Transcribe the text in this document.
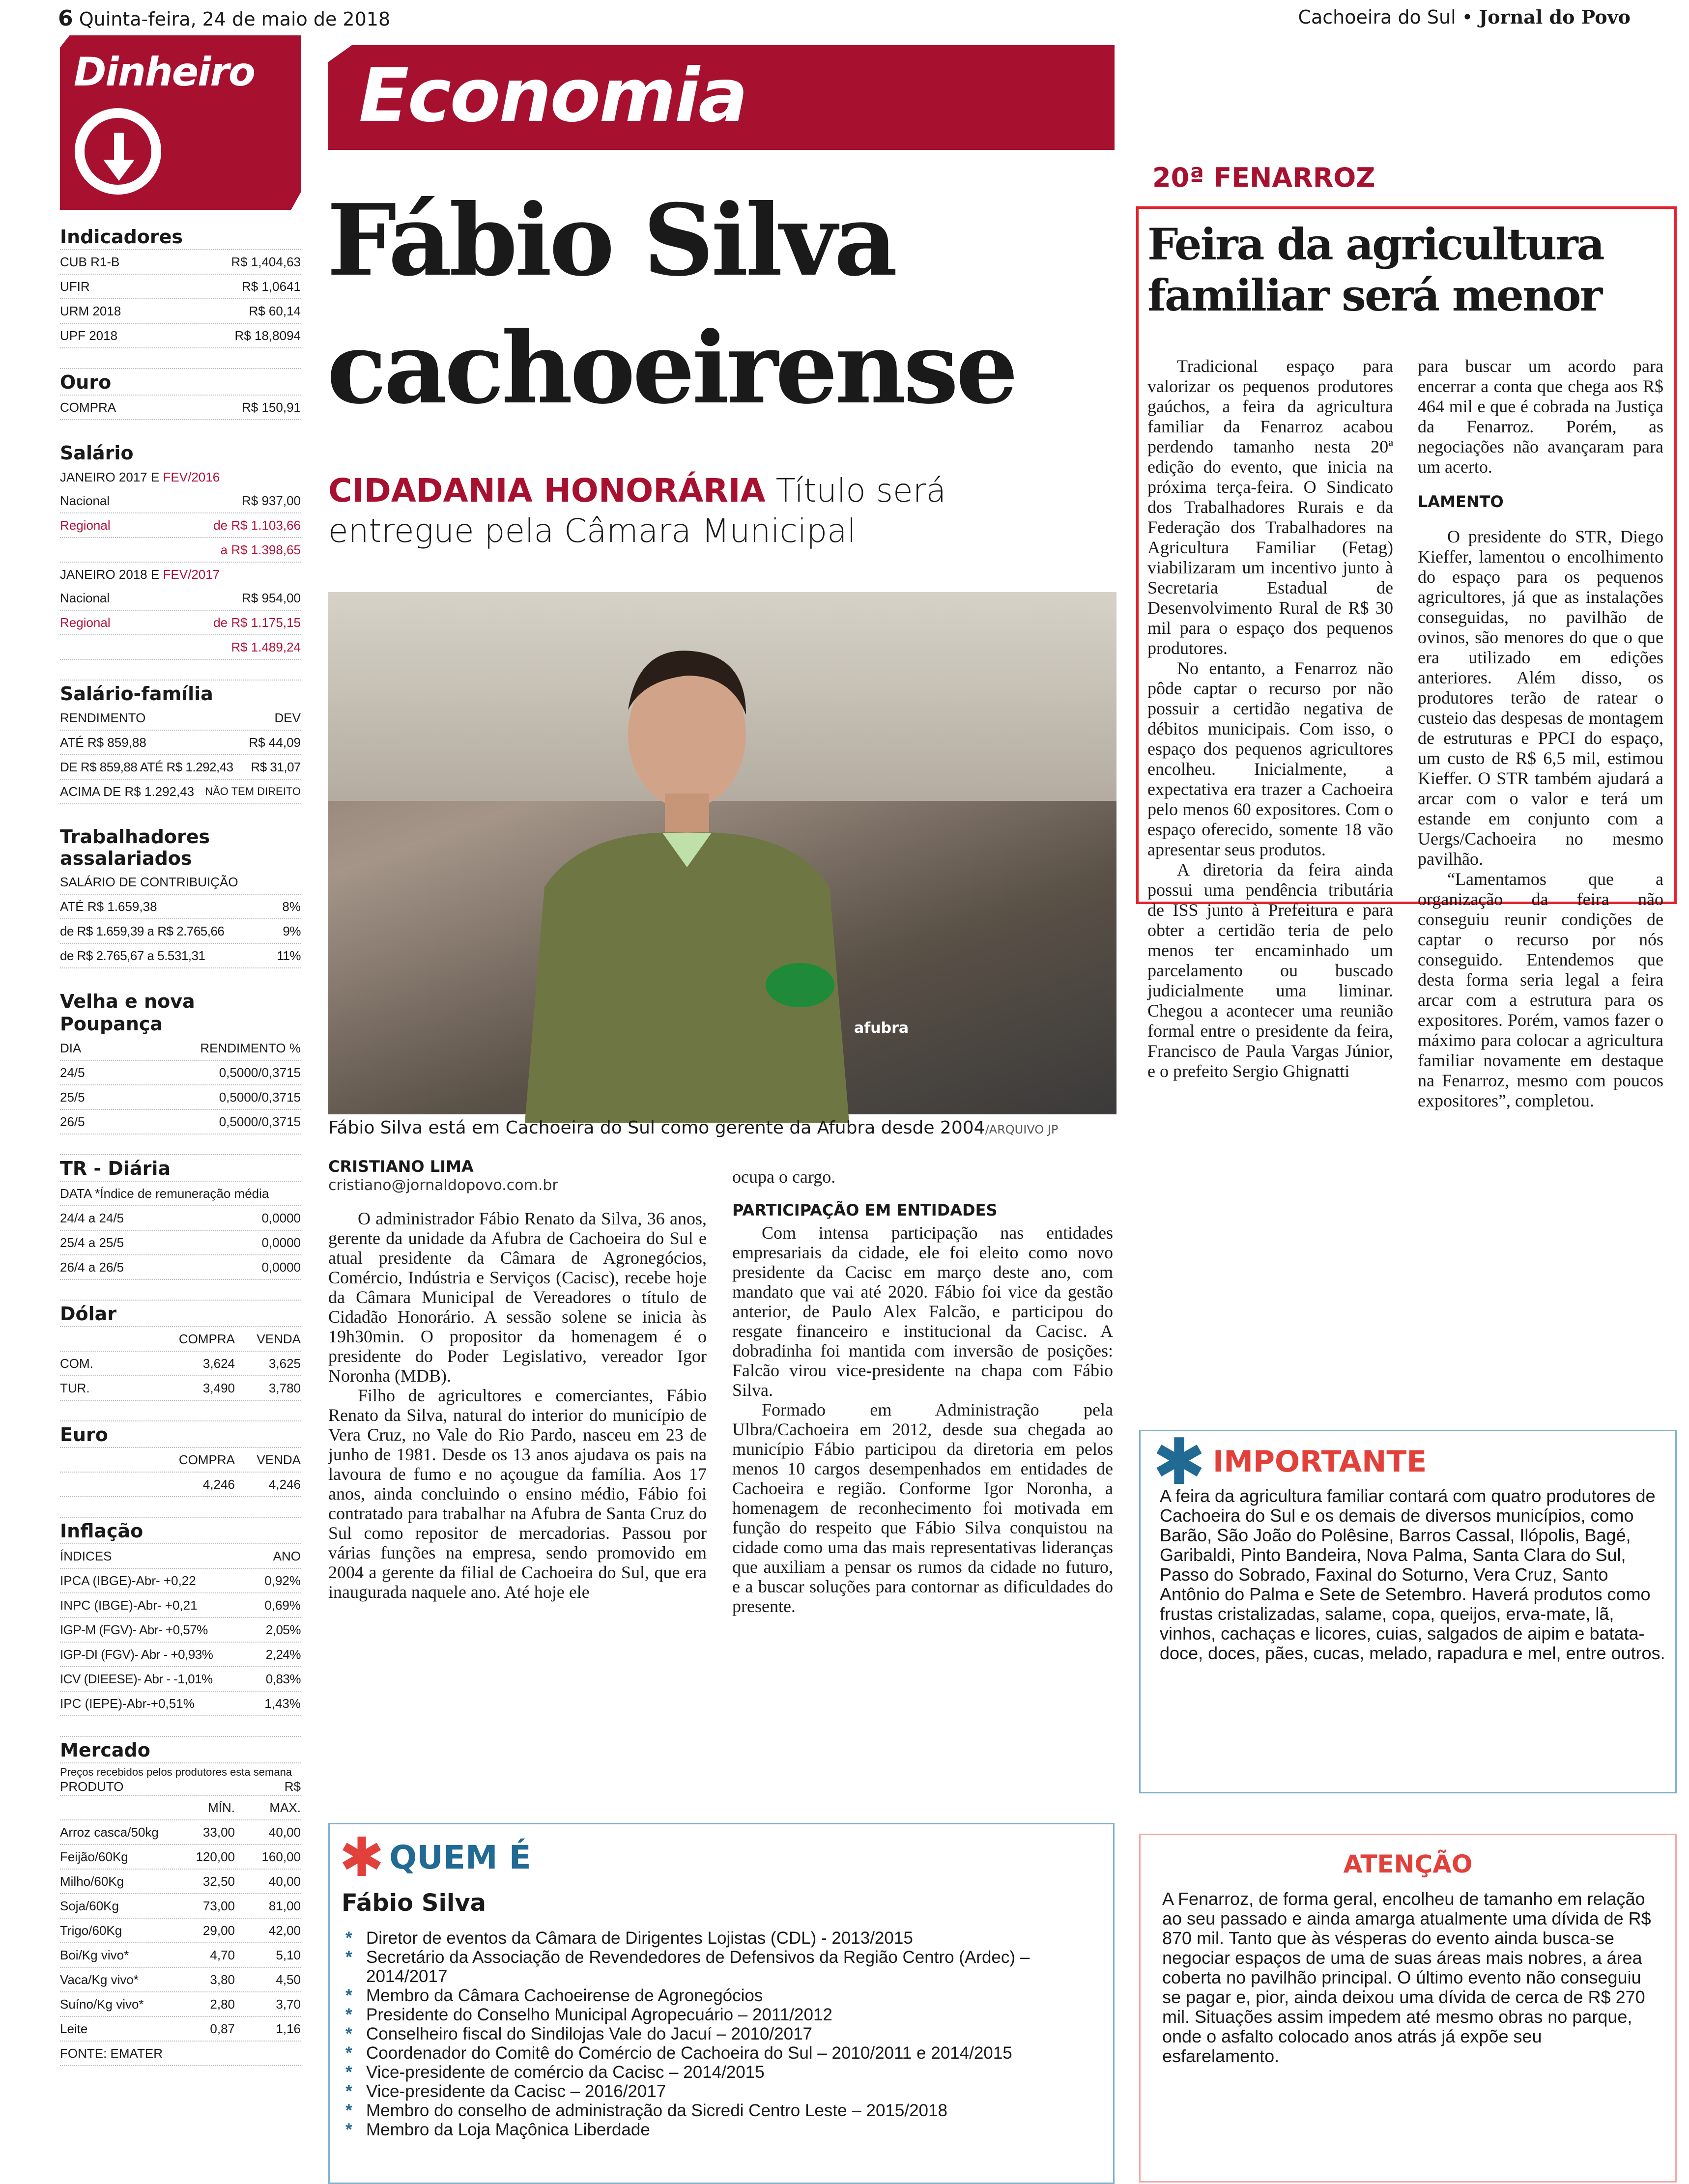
6 Quinta-feira, 24 de maio de 2018	Cachoeira do Sul • Jornal do Povo
Dinheiro
Indicadores
CUB R1-B	R$ 1,404,63
UFIR	R$ 1,0641
URM 2018	R$ 60,14
UPF 2018	R$ 18,8094
Ouro
COMPRA	R$ 150,91
Salário
JANEIRO 2017 E FEV/2016
Nacional	R$ 937,00
Regional	de R$ 1.103,66
a R$ 1.398,65
JANEIRO 2018 E FEV/2017
Nacional	R$ 954,00
Regional	de R$ 1.175,15
R$ 1.489,24
Salário-família
RENDIMENTO	DEV
ATÉ R$ 859,88	R$ 44,09
DE R$ 859,88 ATÉ R$ 1.292,43 R$ 31,07
ACIMA DE R$ 1.292,43 NÃO TEM DIREITO
Trabalhadores assalariados
SALÁRIO DE CONTRIBUIÇÃO
ATÉ R$ 1.659,38	8%
de R$ 1.659,39 a R$ 2.765,66	9%
de R$ 2.765,67 a 5.531,31	11%
Velha e nova Poupança
DIA	RENDIMENTO %
24/5	0,5000/0,3715
25/5	0,5000/0,3715
26/5	0,5000/0,3715
TR - Diária
DATA *Índice de remuneração média
24/4 a 24/5	0,0000
25/4 a 25/5	0,0000
26/4 a 26/5	0,0000
Dólar
COMPRA	VENDA
COM.	3,624	3,625
TUR.	3,490	3,780
Euro
COMPRA	VENDA
4,246	4,246
Inflação
ÍNDICES	ANO
IPCA (IBGE)-Abr- +0,22	0,92%
INPC (IBGE)-Abr- +0,21	0,69%
IGP-M (FGV)- Abr- +0,57%	2,05%
IGP-DI (FGV)- Abr - +0,93%	2,24%
ICV (DIEESE)- Abr - -1,01%	0,83%
IPC (IEPE)-Abr-+0,51%	1,43%
Mercado
Preços recebidos pelos produtores esta semana
PRODUTO	R$
MÍN.	MAX.
Arroz casca/50kg	33,00	40,00
Feijão/60Kg	120,00	160,00
Milho/60Kg	32,50	40,00
Soja/60Kg	73,00	81,00
Trigo/60Kg	29,00	42,00
Boi/Kg vivo*	4,70	5,10
Vaca/Kg vivo*	3,80	4,50
Suíno/Kg vivo*	2,80	3,70
Leite	0,87	1,16
FONTE: EMATER
Economia
Fábio Silva cachoeirense
CIDADANIA HONORÁRIA Título será entregue pela Câmara Municipal
afubra
Fábio Silva está em Cachoeira do Sul como gerente da Afubra desde 2004/ARQUIVO JP
CRISTIANO LIMA
cristiano@jornaldopovo.com.br

O administrador Fábio Renato da Silva, 36 anos, gerente da unidade da Afubra de Cachoeira do Sul e atual presidente da Câmara de Agronegócios, Comércio, Indústria e Serviços (Cacisc), recebe hoje da Câmara Municipal de Vereadores o título de Cidadão Honorário. A sessão solene se inicia às 19h30min. O propositor da homenagem é o presidente do Poder Legislativo, vereador Igor Noronha (MDB).

Filho de agricultores e comerciantes, Fábio Renato da Silva, natural do interior do município de Vera Cruz, no Vale do Rio Pardo, nasceu em 23 de junho de 1981. Desde os 13 anos ajudava os pais na lavoura de fumo e no açougue da família. Aos 17 anos, ainda concluindo o ensino médio, Fábio foi contratado para trabalhar na Afubra de Santa Cruz do Sul como repositor de mercadorias. Passou por várias funções na empresa, sendo promovido em 2004 a gerente da filial de Cachoeira do Sul, que era inaugurada naquele ano. Até hoje ele

ocupa o cargo.

PARTICIPAÇÃO EM ENTIDADES

Com intensa participação nas entidades empresariais da cidade, ele foi eleito como novo presidente da Cacisc em março deste ano, com mandato que vai até 2020. Fábio foi vice da gestão anterior, de Paulo Alex Falcão, e participou do resgate financeiro e institucional da Cacisc. A dobradinha foi mantida com inversão de posições: Falcão virou vice-presidente na chapa com Fábio Silva.

Formado em Administração pela Ulbra/Cachoeira em 2012, desde sua chegada ao município Fábio participou da diretoria em pelos menos 10 cargos desempenhados em entidades de Cachoeira e região. Conforme Igor Noronha, a homenagem de reconhecimento foi motivada em função do respeito que Fábio Silva conquistou na cidade como uma das mais representativas lideranças que auxiliam a pensar os rumos da cidade no futuro, e a buscar soluções para contornar as dificuldades do presente.

✱ QUEM É
Fábio Silva
* Diretor de eventos da Câmara de Dirigentes Lojistas (CDL) - 2013/2015
* Secretário da Associação de Revendedores de Defensivos da Região Centro (Ardec) – 2014/2017
* Membro da Câmara Cachoeirense de Agronegócios
* Presidente do Conselho Municipal Agropecuário – 2011/2012
* Conselheiro fiscal do Sindilojas Vale do Jacuí – 2010/2017
* Coordenador do Comitê do Comércio de Cachoeira do Sul – 2010/2011 e 2014/2015
* Vice-presidente de comércio da Cacisc – 2014/2015
* Vice-presidente da Cacisc – 2016/2017
* Membro do conselho de administração da Sicredi Centro Leste – 2015/2018
* Membro da Loja Maçônica Liberdade
20ª FENARROZ
Feira da agricultura familiar será menor

Tradicional espaço para valorizar os pequenos produtores gaúchos, a feira da agricultura familiar da Fenarroz acabou perdendo tamanho nesta 20ª edição do evento, que inicia na próxima terça-feira. O Sindicato dos Trabalhadores Rurais e da Federação dos Trabalhadores na Agricultura Familiar (Fetag) viabilizaram um incentivo junto à Secretaria Estadual de Desenvolvimento Rural de R$ 30 mil para o espaço dos pequenos produtores.

No entanto, a Fenarroz não pôde captar o recurso por não possuir a certidão negativa de débitos municipais. Com isso, o espaço dos pequenos agricultores encolheu. Inicialmente, a expectativa era trazer a Cachoeira pelo menos 60 expositores. Com o espaço oferecido, somente 18 vão apresentar seus produtos.

A diretoria da feira ainda possui uma pendência tributária de ISS junto à Prefeitura e para obter a certidão teria de pelo menos ter encaminhado um parcelamento ou buscado judicialmente uma liminar. Chegou a acontecer uma reunião formal entre o presidente da feira, Francisco de Paula Vargas Júnior, e o prefeito Sergio Ghignatti

para buscar um acordo para encerrar a conta que chega aos R$ 464 mil e que é cobrada na Justiça da Fenarroz. Porém, as negociações não avançaram para um acerto.

LAMENTO

O presidente do STR, Diego Kieffer, lamentou o encolhimento do espaço para os pequenos agricultores, já que as instalações conseguidas, no pavilhão de ovinos, são menores do que o que era utilizado em edições anteriores. Além disso, os produtores terão de ratear o custeio das despesas de montagem de estruturas e PPCI do espaço, um custo de R$ 6,5 mil, estimou Kieffer. O STR também ajudará a arcar com o valor e terá um estande em conjunto com a Uergs/Cachoeira no mesmo pavilhão.

“Lamentamos que a organização da feira não conseguiu reunir condições de captar o recurso por nós conseguido. Entendemos que desta forma seria legal a feira arcar com a estrutura para os expositores. Porém, vamos fazer o máximo para colocar a agricultura familiar novamente em destaque na Fenarroz, mesmo com poucos expositores”, completou.

✱ IMPORTANTE
A feira da agricultura familiar contará com quatro produtores de Cachoeira do Sul e os demais de diversos municípios, como Barão, São João do Polêsine, Barros Cassal, Ilópolis, Bagé, Garibaldi, Pinto Bandeira, Nova Palma, Santa Clara do Sul, Passo do Sobrado, Faxinal do Soturno, Vera Cruz, Santo Antônio do Palma e Sete de Setembro. Haverá produtos como frustas cristalizadas, salame, copa, queijos, erva-mate, lã, vinhos, cachaças e licores, cuias, salgados de aipim e batata-doce, doces, pães, cucas, melado, rapadura e mel, entre outros.
ATENÇÃO
A Fenarroz, de forma geral, encolheu de tamanho em relação ao seu passado e ainda amarga atualmente uma dívida de R$ 870 mil. Tanto que às vésperas do evento ainda busca-se negociar espaços de uma de suas áreas mais nobres, a área coberta no pavilhão principal. O último evento não conseguiu se pagar e, pior, ainda deixou uma dívida de cerca de R$ 270 mil. Situações assim impedem até mesmo obras no parque, onde o asfalto colocado anos atrás já expõe seu esfarelamento.
